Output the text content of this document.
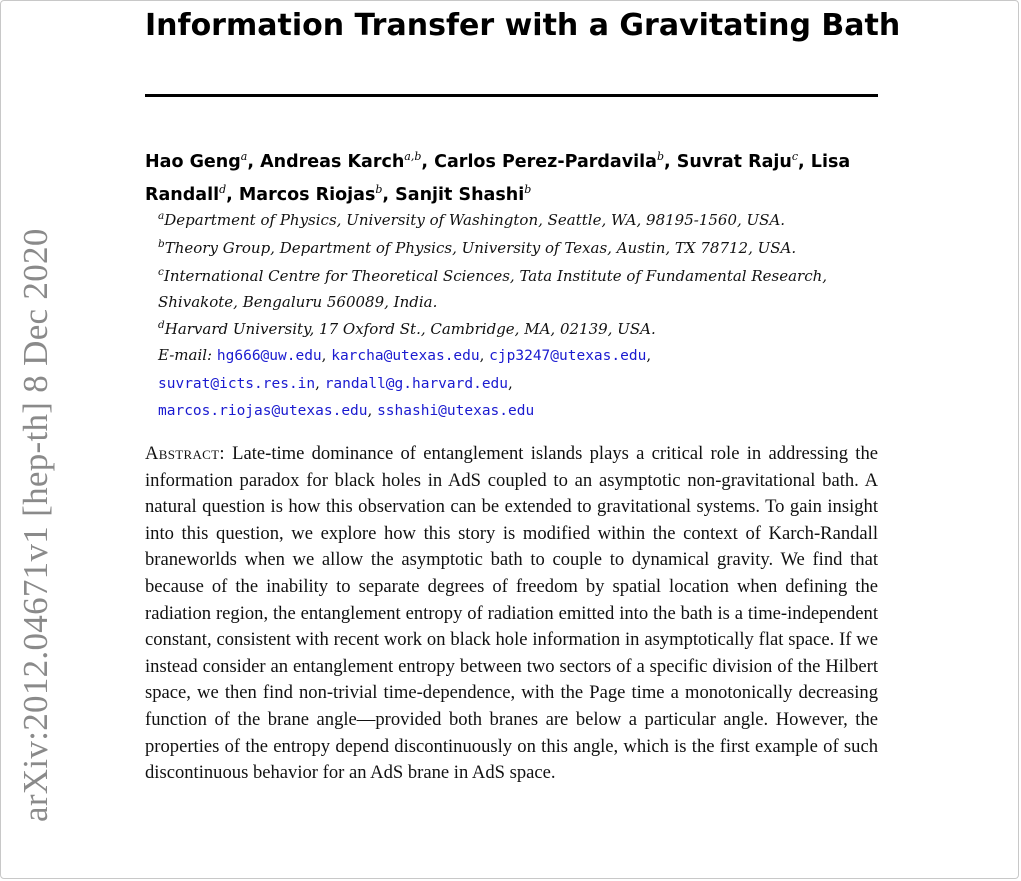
arXiv:2012.04671v1 [hep-th] 8 Dec 2020
Information Transfer with a Gravitating Bath
Hao Geng$^a$, Andreas Karch$^{a,b}$, Carlos Perez-Pardavila$^b$, Suvrat Raju$^c$, Lisa
Randall$^d$, Marcos Riojas$^b$, Sanjit Shashi$^b$
$^a$Department of Physics, University of Washington, Seattle, WA, 98195-1560, USA.
$^b$Theory Group, Department of Physics, University of Texas, Austin, TX 78712, USA.
$^c$International Centre for Theoretical Sciences, Tata Institute of Fundamental Research,
Shivakote, Bengaluru 560089, India.
$^d$Harvard University, 17 Oxford St., Cambridge, MA, 02139, USA.
E-mail: hg666@uw.edu, karcha@utexas.edu, cjp3247@utexas.edu,
suvrat@icts.res.in, randall@g.harvard.edu,
marcos.riojas@utexas.edu, sshashi@utexas.edu
Abstract: Late-time dominance of entanglement islands plays a critical role in addressing the information paradox for black holes in AdS coupled to an asymptotic non-gravitational bath. A natural question is how this observation can be extended to gravitational systems. To gain insight into this question, we explore how this story is modified within the context of Karch-Randall braneworlds when we allow the asymptotic bath to couple to dynamical gravity. We find that because of the inability to separate degrees of freedom by spatial location when defining the radiation region, the entanglement entropy of radiation emitted into the bath is a time-independent constant, consistent with recent work on black hole information in asymptotically flat space. If we instead consider an entanglement entropy between two sectors of a specific division of the Hilbert space, we then find non-trivial time-dependence, with the Page time a monotonically decreasing function of the brane angle—provided both branes are below a particular angle. However, the properties of the entropy depend discontinuously on this angle, which is the first example of such discontinuous behavior for an AdS brane in AdS space.
